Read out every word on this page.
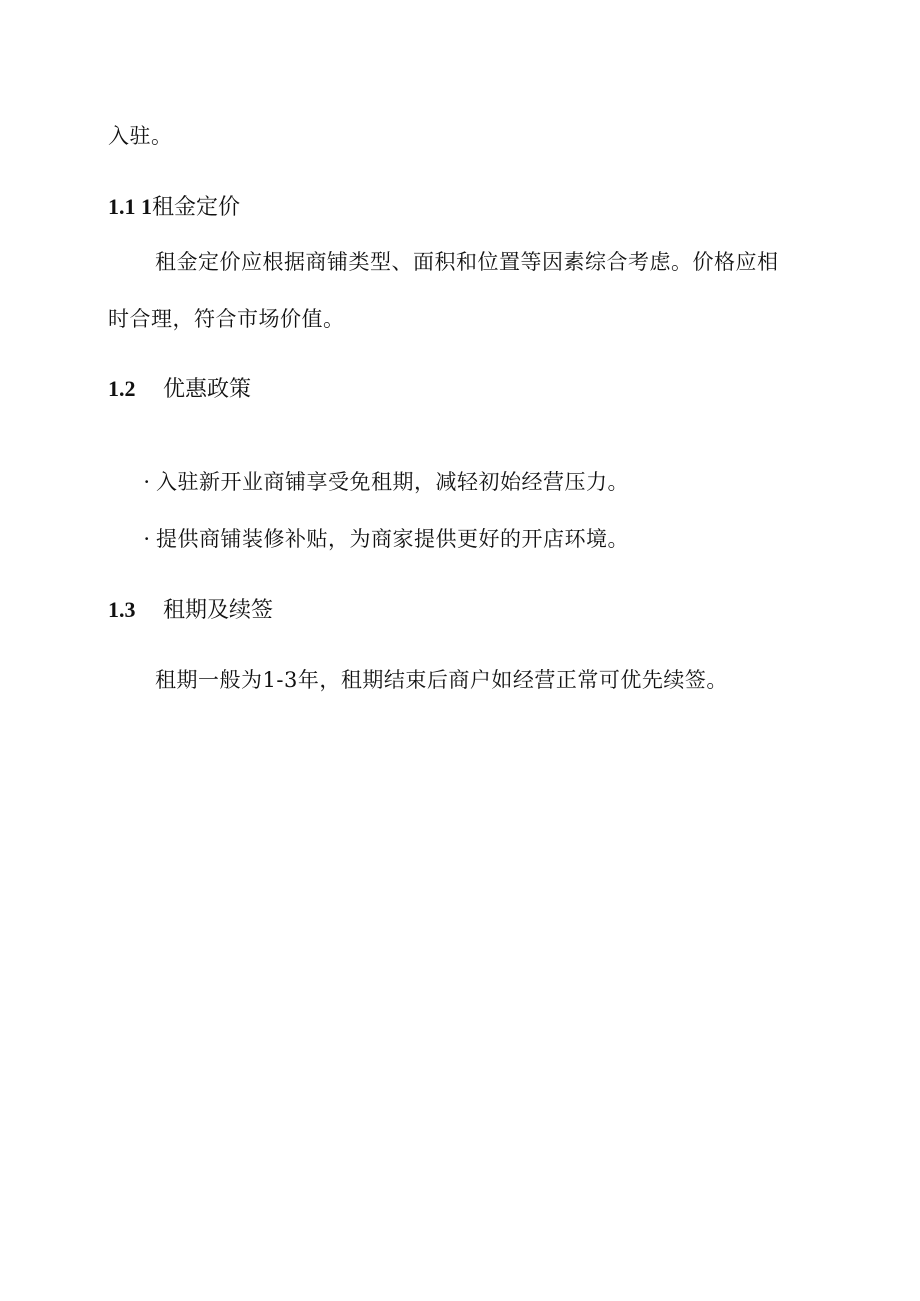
入驻。
1.1 1租金定价
租金定价应根据商铺类型、面积和位置等因素综合考虑。价格应相
时合理，符合市场价值。
1.2 优惠政策
· 入驻新开业商铺享受免租期，减轻初始经营压力。
· 提供商铺装修补贴，为商家提供更好的开店环境。
1.3 租期及续签
租期一般为1-3年，租期结束后商户如经营正常可优先续签。
